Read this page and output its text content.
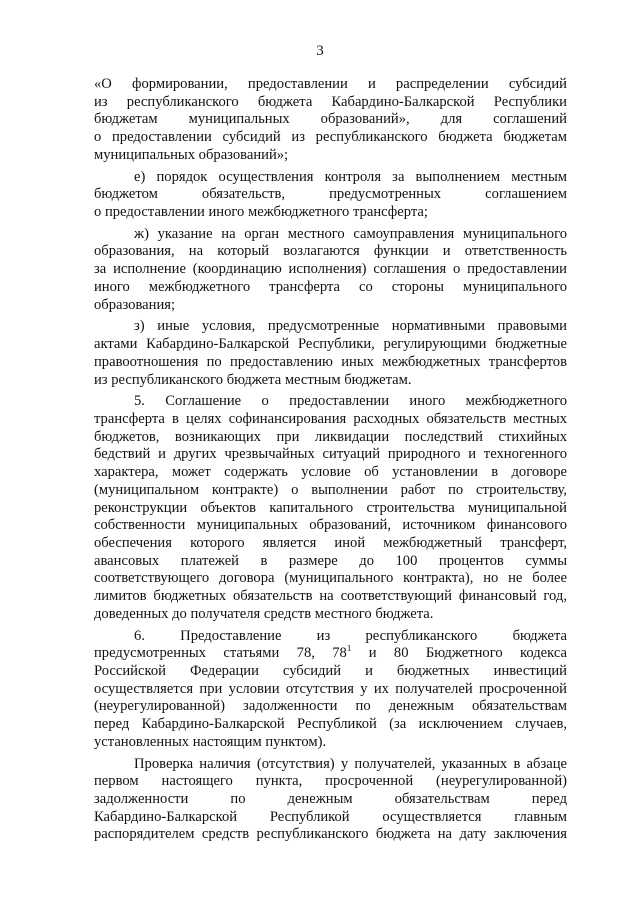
3
«О формировании, предоставлении и распределении субсидий
из республиканского бюджета Кабардино-Балкарской Республики
бюджетам муниципальных образований», для соглашений
о предоставлении субсидий из республиканского бюджета бюджетам
муниципальных образований»;
е) порядок осуществления контроля за выполнением местным
бюджетом обязательств, предусмотренных соглашением
о предоставлении иного межбюджетного трансферта;
ж) указание на орган местного самоуправления муниципального
образования, на который возлагаются функции и ответственность
за исполнение (координацию исполнения) соглашения о предоставлении
иного межбюджетного трансферта со стороны муниципального
образования;
з) иные условия, предусмотренные нормативными правовыми
актами Кабардино-Балкарской Республики, регулирующими бюджетные
правоотношения по предоставлению иных межбюджетных трансфертов
из республиканского бюджета местным бюджетам.
5. Соглашение о предоставлении иного межбюджетного
трансферта в целях софинансирования расходных обязательств местных
бюджетов, возникающих при ликвидации последствий стихийных
бедствий и других чрезвычайных ситуаций природного и техногенного
характера, может содержать условие об установлении в договоре
(муниципальном контракте) о выполнении работ по строительству,
реконструкции объектов капитального строительства муниципальной
собственности муниципальных образований, источником финансового
обеспечения которого является иной межбюджетный трансферт,
авансовых платежей в размере до 100 процентов суммы
соответствующего договора (муниципального контракта), но не более
лимитов бюджетных обязательств на соответствующий финансовый год,
доведенных до получателя средств местного бюджета.
6. Предоставление из республиканского бюджета
предусмотренных статьями 78, $78^1$ и 80 Бюджетного кодекса
Российской Федерации субсидий и бюджетных инвестиций
осуществляется при условии отсутствия у их получателей просроченной
(неурегулированной) задолженности по денежным обязательствам
перед Кабардино-Балкарской Республикой (за исключением случаев,
установленных настоящим пунктом).
Проверка наличия (отсутствия) у получателей, указанных в абзаце
первом настоящего пункта, просроченной (неурегулированной)
задолженности по денежным обязательствам перед
Кабардино-Балкарской Республикой осуществляется главным
распорядителем средств республиканского бюджета на дату заключения
